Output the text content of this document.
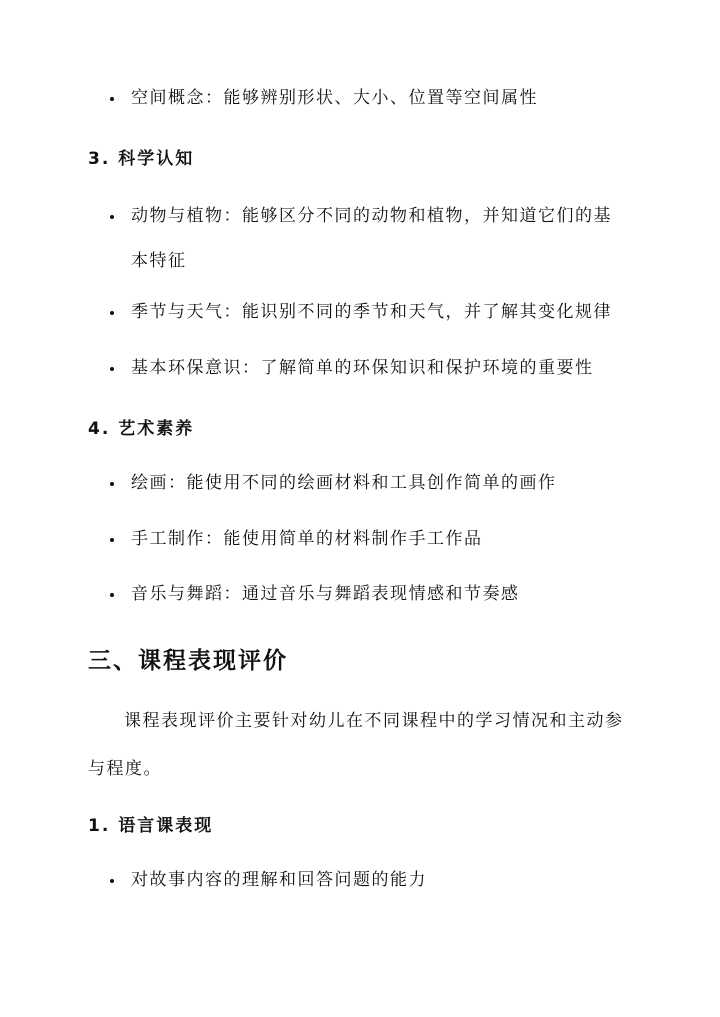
空间概念：能够辨别形状、大小、位置等空间属性
3. 科学认知
动物与植物：能够区分不同的动物和植物，并知道它们的基本特征
季节与天气：能识别不同的季节和天气，并了解其变化规律
基本环保意识：了解简单的环保知识和保护环境的重要性
4. 艺术素养
绘画：能使用不同的绘画材料和工具创作简单的画作
手工制作：能使用简单的材料制作手工作品
音乐与舞蹈：通过音乐与舞蹈表现情感和节奏感
三、课程表现评价
课程表现评价主要针对幼儿在不同课程中的学习情况和主动参与程度。
1. 语言课表现
对故事内容的理解和回答问题的能力
